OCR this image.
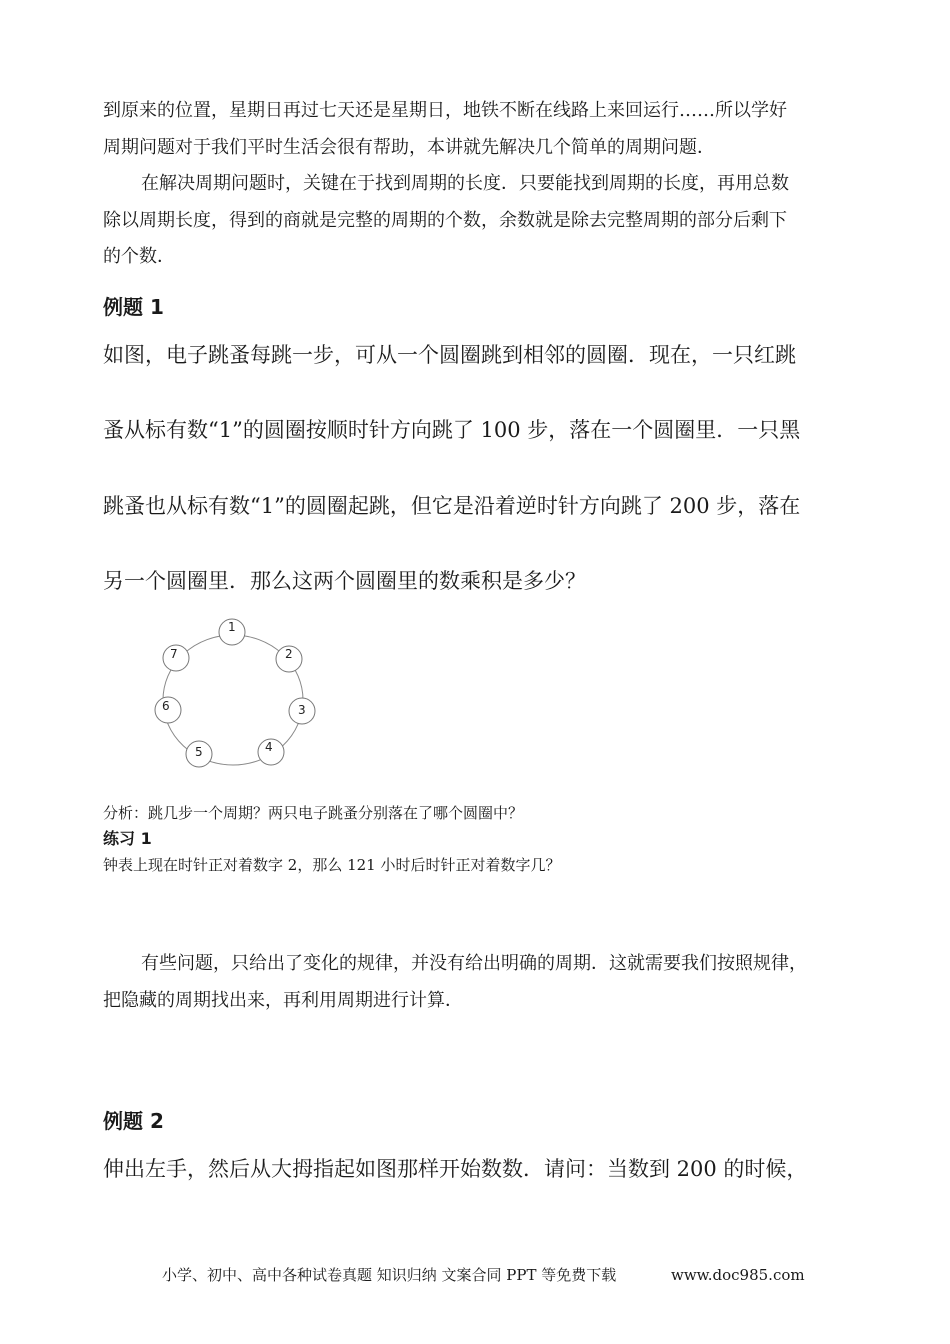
到原来的位置，星期日再过七天还是星期日，地铁不断在线路上来回运行……所以学好
周期问题对于我们平时生活会很有帮助，本讲就先解决几个简单的周期问题．
在解决周期问题时，关键在于找到周期的长度．只要能找到周期的长度，再用总数
除以周期长度，得到的商就是完整的周期的个数，余数就是除去完整周期的部分后剩下
的个数．
例题 1
如图，电子跳蚤每跳一步，可从一个圆圈跳到相邻的圆圈．现在，一只红跳
蚤从标有数“1”的圆圈按顺时针方向跳了 100 步，落在一个圆圈里．一只黑
跳蚤也从标有数“1”的圆圈起跳，但它是沿着逆时针方向跳了 200 步，落在
另一个圆圈里．那么这两个圆圈里的数乘积是多少？
1
2
3
4
5
6
7
分析：跳几步一个周期？两只电子跳蚤分别落在了哪个圆圈中？
练习 1
钟表上现在时针正对着数字 2，那么 121 小时后时针正对着数字几？
有些问题，只给出了变化的规律，并没有给出明确的周期．这就需要我们按照规律，
把隐藏的周期找出来，再利用周期进行计算．
例题 2
伸出左手，然后从大拇指起如图那样开始数数．请问：当数到 200 的时候，
小学、初中、高中各种试卷真题 知识归纳 文案合同 PPT 等免费下载	www.doc985.com
